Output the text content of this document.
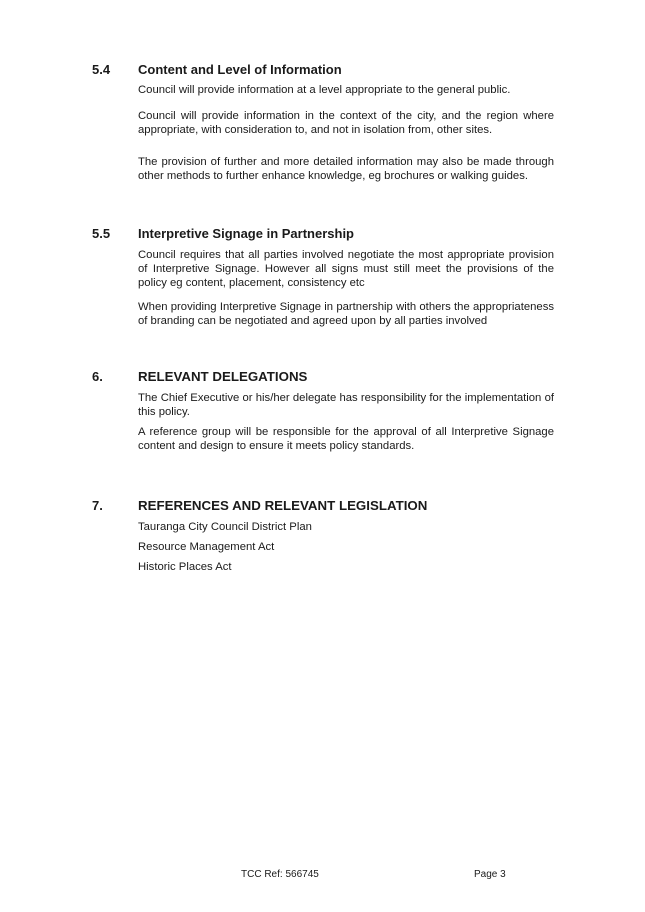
5.4 Content and Level of Information

Council will provide information at a level appropriate to the general public.

Council will provide information in the context of the city, and the region where appropriate, with consideration to, and not in isolation from, other sites.

The provision of further and more detailed information may also be made through other methods to further enhance knowledge, eg brochures or walking guides.

5.5 Interpretive Signage in Partnership

Council requires that all parties involved negotiate the most appropriate provision of Interpretive Signage. However all signs must still meet the provisions of the policy eg content, placement, consistency etc

When providing Interpretive Signage in partnership with others the appropriateness of branding can be negotiated and agreed upon by all parties involved

6.	RELEVANT DELEGATIONS

The Chief Executive or his/her delegate has responsibility for the implementation of this policy.

A reference group will be responsible for the approval of all Interpretive Signage content and design to ensure it meets policy standards.

7.	REFERENCES AND RELEVANT LEGISLATION

Tauranga City Council District Plan

Resource Management Act

Historic Places Act

TCC Ref: 566745	Page 3
